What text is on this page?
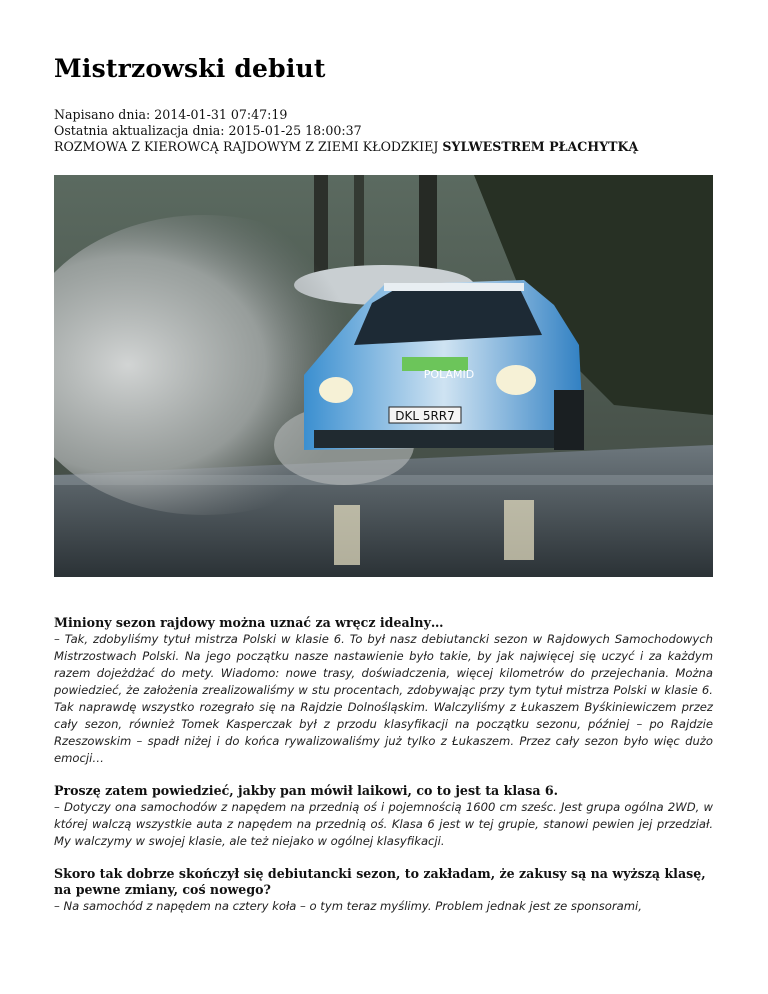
Mistrzowski debiut
Napisano dnia: 2014-01-31 07:47:19
Ostatnia aktualizacja dnia: 2015-01-25 18:00:37
ROZMOWA Z KIEROWCĄ RAJDOWYM Z ZIEMI KŁODZKIEJ SYLWESTREM PŁACHYTKĄ
DKL 5RR7
POLAMID

Miniony sezon rajdowy można uznać za wręcz idealny…

– Tak, zdobyliśmy tytuł mistrza Polski w klasie 6. To był nasz debiutancki sezon w Rajdowych Samochodowych Mistrzostwach Polski. Na jego początku nasze nastawienie było takie, by jak najwięcej się uczyć i za każdym razem dojeżdżać do mety. Wiadomo: nowe trasy, doświadczenia, więcej kilometrów do przejechania. Można powiedzieć, że założenia zrealizowaliśmy w stu procentach, zdobywając przy tym tytuł mistrza Polski w klasie 6. Tak naprawdę wszystko rozegrało się na Rajdzie Dolnośląskim. Walczyliśmy z Łukaszem Byśkiniewiczem przez cały sezon, również Tomek Kasperczak był z przodu klasyfikacji na początku sezonu, później – po Rajdzie Rzeszowskim – spadł niżej i do końca rywalizowaliśmy już tylko z Łukaszem. Przez cały sezon było więc dużo emocji…

Proszę zatem powiedzieć, jakby pan mówił laikowi, co to jest ta klasa 6.

– Dotyczy ona samochodów z napędem na przednią oś i pojemnością 1600 cm sześc. Jest grupa ogólna 2WD, w której walczą wszystkie auta z napędem na przednią oś. Klasa 6 jest w tej grupie, stanowi pewien jej przedział. My walczymy w swojej klasie, ale też niejako w ogólnej klasyfikacji.

Skoro tak dobrze skończył się debiutancki sezon, to zakładam, że zakusy są na wyższą klasę, na pewne zmiany, coś nowego?

– Na samochód z napędem na cztery koła – o tym teraz myślimy. Problem jednak jest ze sponsorami,
